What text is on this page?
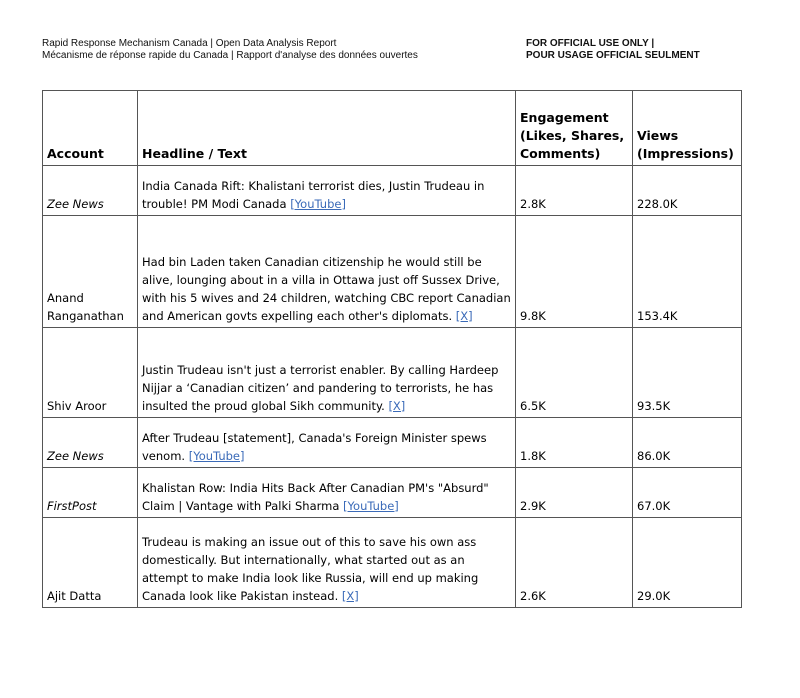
Rapid Response Mechanism Canada | Open Data Analysis Report
Mécanisme de réponse rapide du Canada | Rapport d'analyse des données ouvertes
FOR OFFICIAL USE ONLY |
POUR USAGE OFFICIAL SEULMENT
Account	Headline / Text	Engagement (Likes, Shares, Comments)	Views (Impressions)
Zee News	India Canada Rift: Khalistani terrorist dies, Justin Trudeau in trouble! PM Modi Canada [YouTube]	2.8K	228.0K
Anand Ranganathan	Had bin Laden taken Canadian citizenship he would still be alive, lounging about in a villa in Ottawa just off Sussex Drive, with his 5 wives and 24 children, watching CBC report Canadian and American govts expelling each other's diplomats. [X]	9.8K	153.4K
Shiv Aroor	Justin Trudeau isn't just a terrorist enabler. By calling Hardeep Nijjar a ‘Canadian citizen’ and pandering to terrorists, he has insulted the proud global Sikh community. [X]	6.5K	93.5K
Zee News	After Trudeau [statement], Canada's Foreign Minister spews venom. [YouTube]	1.8K	86.0K
FirstPost	Khalistan Row: India Hits Back After Canadian PM's "Absurd" Claim | Vantage with Palki Sharma [YouTube]	2.9K	67.0K
Ajit Datta	Trudeau is making an issue out of this to save his own ass domestically. But internationally, what started out as an attempt to make India look like Russia, will end up making Canada look like Pakistan instead. [X]	2.6K	29.0K
